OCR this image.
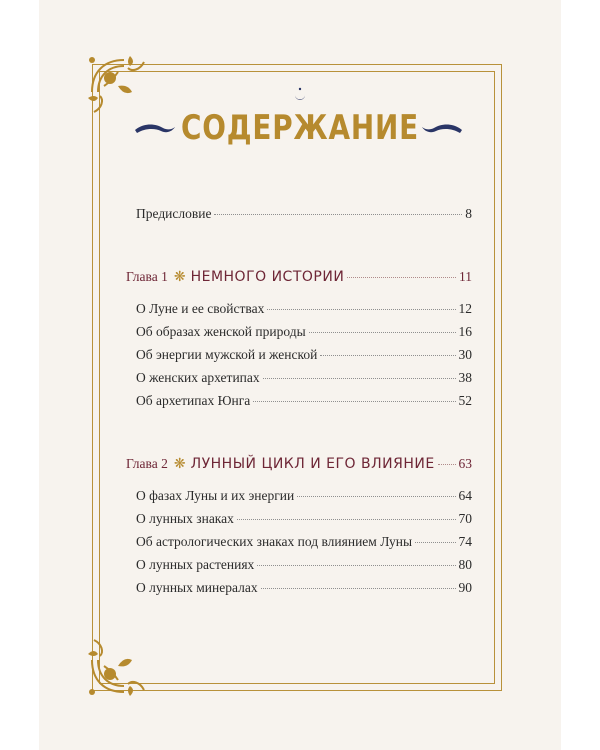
СОДЕРЖАНИЕ
Предисловие	8
Глава 1 ❋ НЕМНОГО ИСТОРИИ	11
О Луне и ее свойствах	12
Об образах женской природы	16
Об энергии мужской и женской	30
О женских архетипах	38
Об архетипах Юнга	52
Глава 2 ❋ ЛУННЫЙ ЦИКЛ И ЕГО ВЛИЯНИЕ 63
О фазах Луны и их энергии	64
О лунных знаках	70
Об астрологических знаках под влиянием Луны	74
О лунных растениях	80
О лунных минералах	90
